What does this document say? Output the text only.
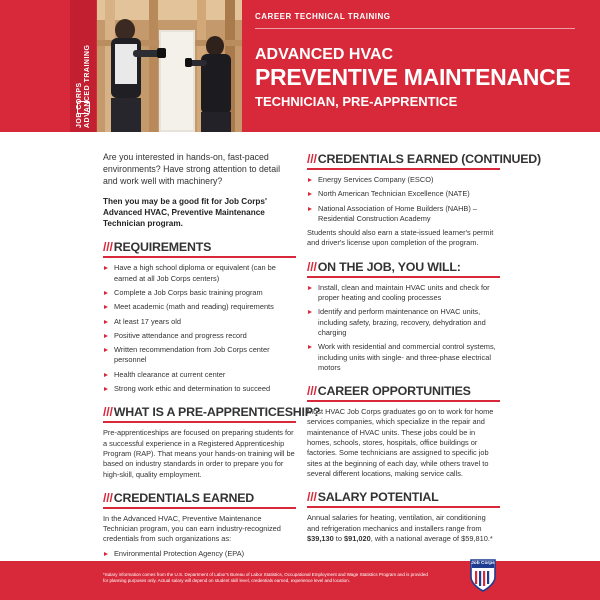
JOB CORPS ADVANCED TRAINING
CAREER TECHNICAL TRAINING
ADVANCED HVAC
PREVENTIVE MAINTENANCE
TECHNICIAN, PRE-APPRENTICE

Are you interested in hands-on, fast-paced environments? Have strong attention to detail and work well with machinery?

Then you may be a good fit for Job Corps' Advanced HVAC, Preventive Maintenance Technician program.

///REQUIREMENTS
Have a high school diploma or equivalent (can be earned at all Job Corps centers)
Complete a Job Corps basic training program
Meet academic (math and reading) requirements
At least 17 years old
Positive attendance and progress record
Written recommendation from Job Corps center personnel
Health clearance at current center
Strong work ethic and determination to succeed
///WHAT IS A PRE-APPRENTICESHIP?

Pre-apprenticeships are focused on preparing students for a successful experience in a Registered Apprenticeship Program (RAP). That means your hands-on training will be based on industry standards in order to prepare you for high-skill, quality employment.

///CREDENTIALS EARNED

In the Advanced HVAC, Preventive Maintenance Technician program, you can earn industry-recognized credentials from such organizations as:

Environmental Protection Agency (EPA)
///CREDENTIALS EARNED (CONTINUED)
Energy Services Company (ESCO)
North American Technician Excellence (NATE)
National Association of Home Builders (NAHB) – Residential Construction Academy

Students should also earn a state-issued learner's permit and driver's license upon completion of the program.

///ON THE JOB, YOU WILL:
Install, clean and maintain HVAC units and check for proper heating and cooling processes
Identify and perform maintenance on HVAC units, including safety, brazing, recovery, dehydration and charging
Work with residential and commercial control systems, including units with single- and three-phase electrical motors
///CAREER OPPORTUNITIES

Most HVAC Job Corps graduates go on to work for home services companies, which specialize in the repair and maintenance of HVAC units. These jobs could be in homes, schools, stores, hospitals, office buildings or factories. Some technicians are assigned to specific job sites at the beginning of each day, while others travel to several different locations, making service calls.

///SALARY POTENTIAL

Annual salaries for heating, ventilation, air conditioning and refrigeration mechanics and installers range from $39,130 to $91,020, with a national average of $59,810.*

*Salary information comes from the U.S. Department of Labor's Bureau of Labor Statistics, Occupational Employment and Wage Statistics Program and is provided for planning purposes only. Actual salary will depend on student skill level, credentials earned, experience level and location.

Job Corps
